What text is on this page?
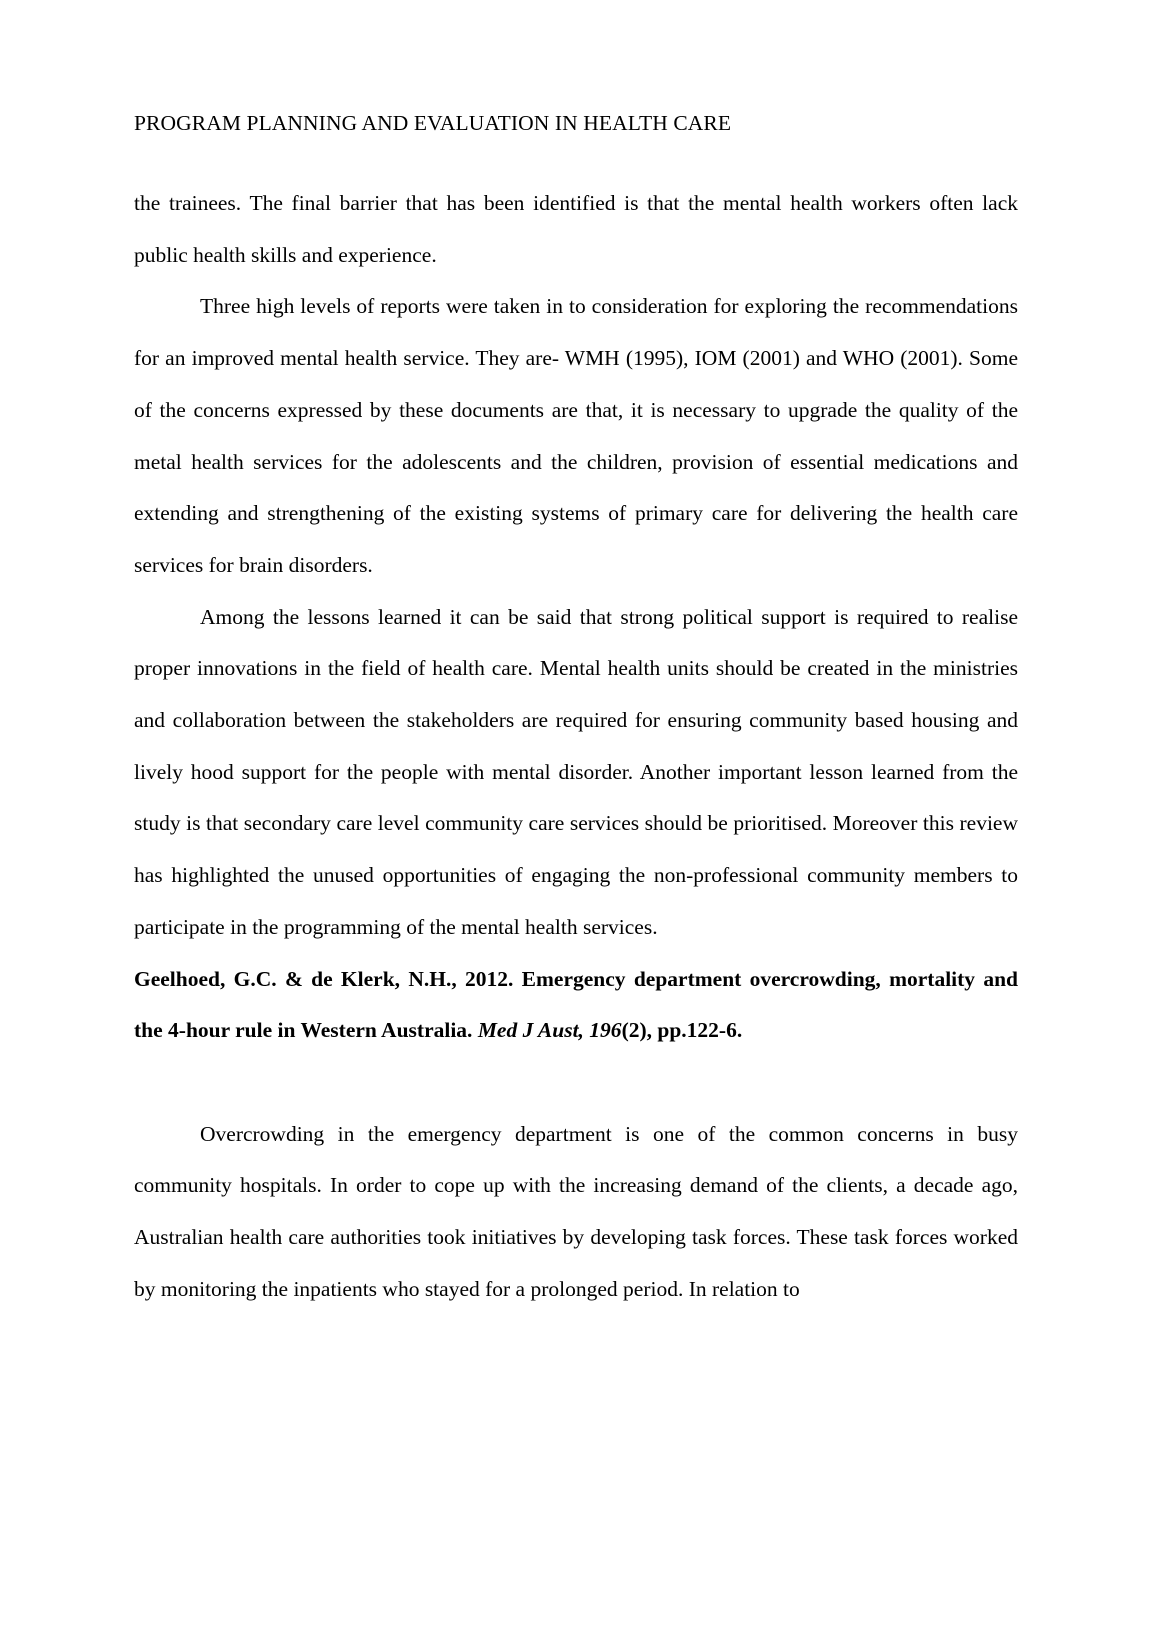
PROGRAM PLANNING AND EVALUATION IN HEALTH CARE

the trainees. The final barrier that has been identified is that the mental health workers often lack public health skills and experience.

Three high levels of reports were taken in to consideration for exploring the recommendations for an improved mental health service. They are- WMH (1995), IOM (2001) and WHO (2001). Some of the concerns expressed by these documents are that, it is necessary to upgrade the quality of the metal health services for the adolescents and the children, provision of essential medications and extending and strengthening of the existing systems of primary care for delivering the health care services for brain disorders.

Among the lessons learned it can be said that strong political support is required to realise proper innovations in the field of health care. Mental health units should be created in the ministries and collaboration between the stakeholders are required for ensuring community based housing and lively hood support for the people with mental disorder. Another important lesson learned from the study is that secondary care level community care services should be prioritised. Moreover this review has highlighted the unused opportunities of engaging the non-professional community members to participate in the programming of the mental health services.

Geelhoed, G.C. & de Klerk, N.H., 2012. Emergency department overcrowding, mortality and the 4-hour rule in Western Australia. Med J Aust, 196(2), pp.122-6.

Overcrowding in the emergency department is one of the common concerns in busy community hospitals. In order to cope up with the increasing demand of the clients, a decade ago, Australian health care authorities took initiatives by developing task forces. These task forces worked by monitoring the inpatients who stayed for a prolonged period. In relation to
